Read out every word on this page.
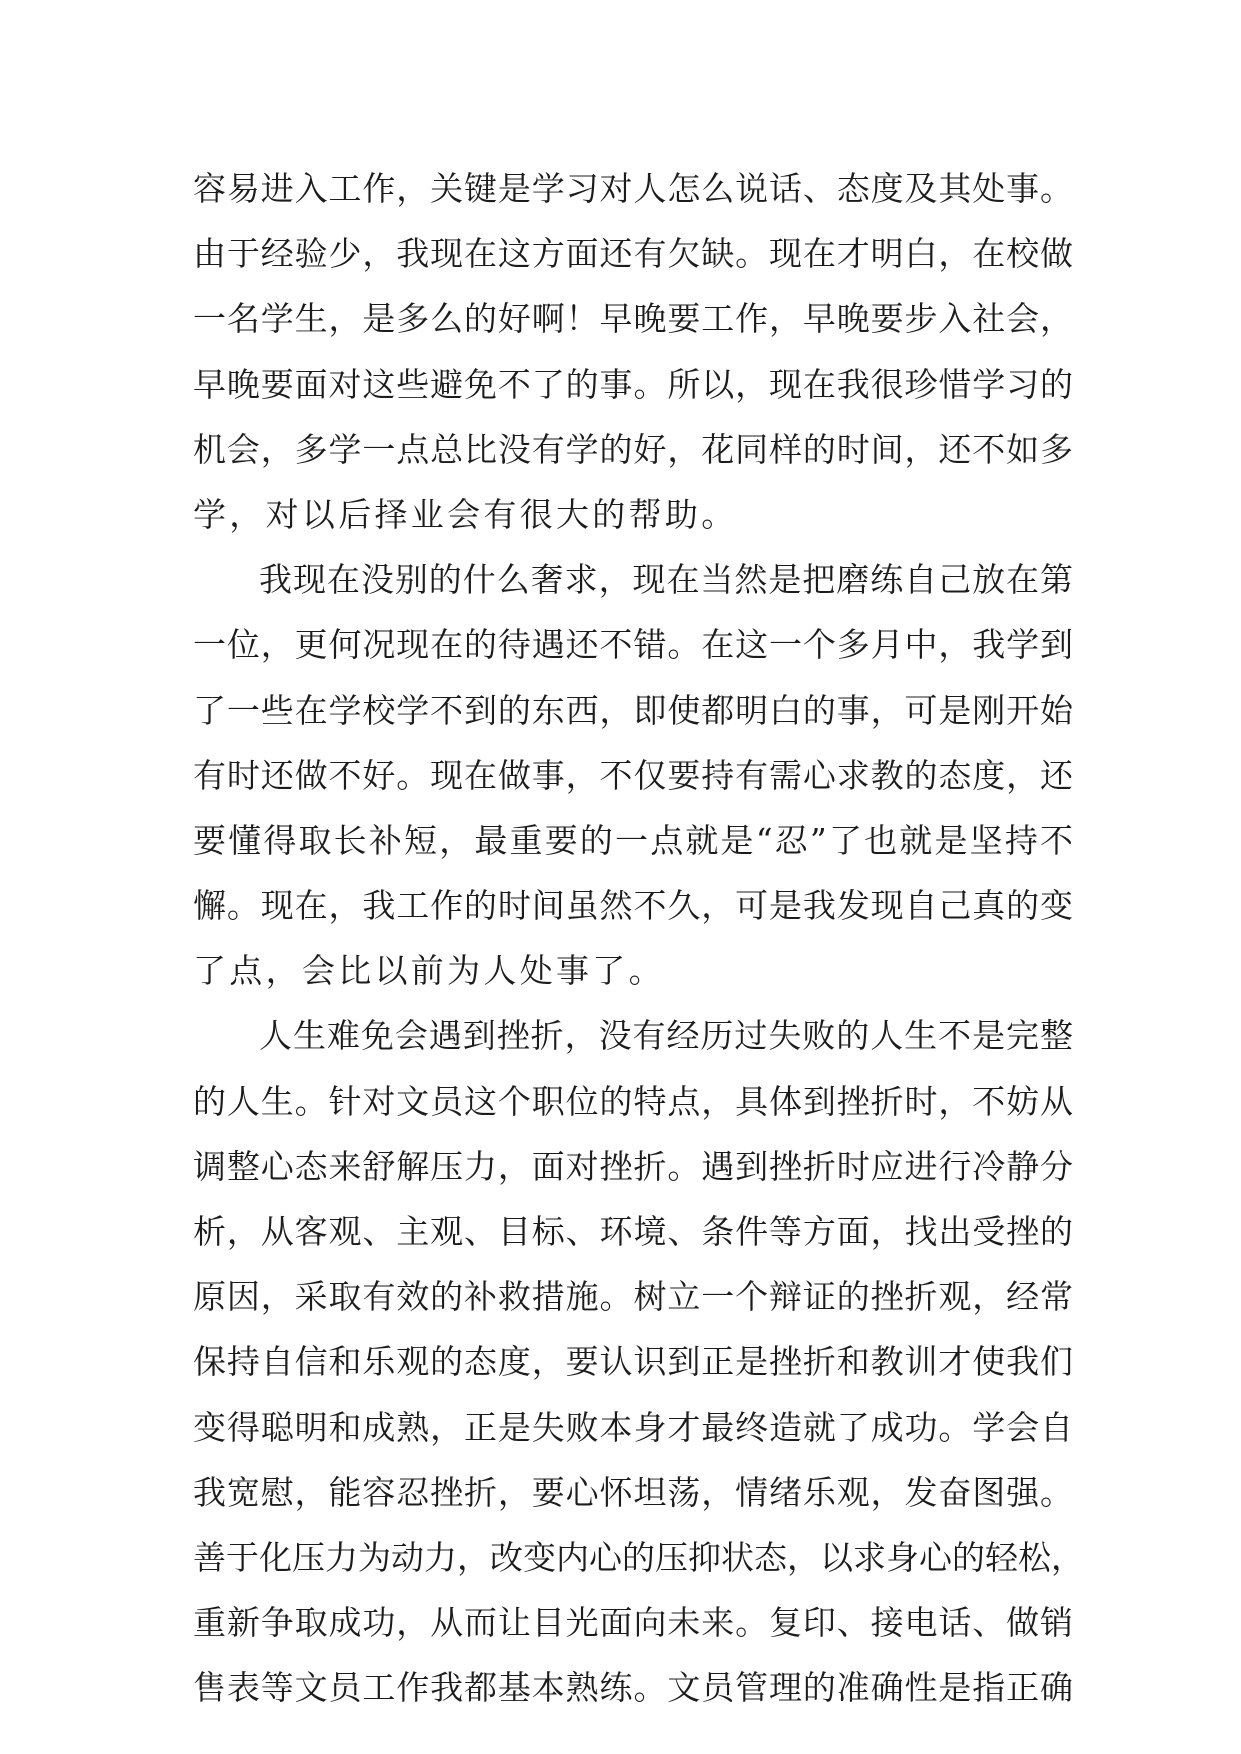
容易进入工作，关键是学习对人怎么说话、态度及其处事。
由于经验少，我现在这方面还有欠缺。现在才明白，在校做
一名学生，是多么的好啊！早晚要工作，早晚要步入社会，
早晚要面对这些避免不了的事。所以，现在我很珍惜学习的
机会，多学一点总比没有学的好，花同样的时间，还不如多
学，对以后择业会有很大的帮助。
我现在没别的什么奢求，现在当然是把磨练自己放在第
一位，更何况现在的待遇还不错。在这一个多月中，我学到
了一些在学校学不到的东西，即使都明白的事，可是刚开始
有时还做不好。现在做事，不仅要持有需心求教的态度，还
要懂得取长补短，最重要的一点就是“忍”了也就是坚持不
懈。现在，我工作的时间虽然不久，可是我发现自己真的变
了点，会比以前为人处事了。
人生难免会遇到挫折，没有经历过失败的人生不是完整
的人生。针对文员这个职位的特点，具体到挫折时，不妨从
调整心态来舒解压力，面对挫折。遇到挫折时应进行冷静分
析，从客观、主观、目标、环境、条件等方面，找出受挫的
原因，采取有效的补救措施。树立一个辩证的挫折观，经常
保持自信和乐观的态度，要认识到正是挫折和教训才使我们
变得聪明和成熟，正是失败本身才最终造就了成功。学会自
我宽慰，能容忍挫折，要心怀坦荡，情绪乐观，发奋图强。
善于化压力为动力，改变内心的压抑状态，以求身心的轻松，
重新争取成功，从而让目光面向未来。复印、接电话、做销
售表等文员工作我都基本熟练。文员管理的准确性是指正确
